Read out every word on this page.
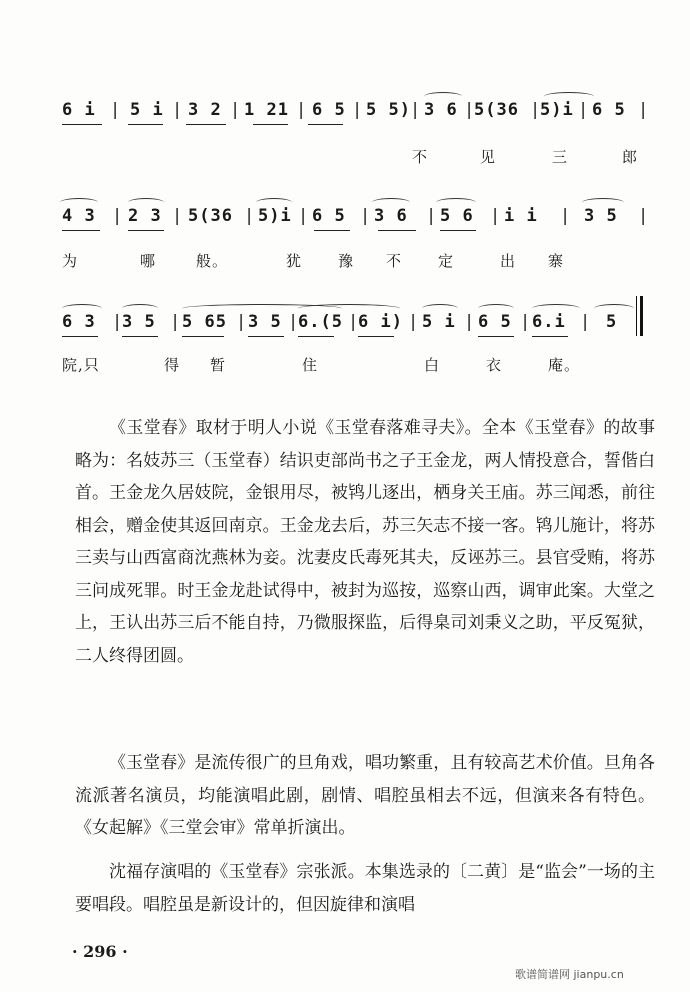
6 i | 5 i | 3 2 | 1 21 | 6 5 | 5 5) | 3 6 |
5(36 |
5)i | 6 5 |
不	见	三	郎
4 3 | 2 3 | 5(36 | 5)i | 6 5 | 3 6 | 5 6 | i i | 3 5 |
为	哪	般。	犹 豫 不 定	出 寨
6 3 |
3 5 | 5 65 | 3 5 |
6.(5 |
6 i) | 5 i | 6 5 | 6.i | 5
院,只	得 暂	住	白	衣	庵。

《玉堂春》取材于明人小说《玉堂春落难寻夫》。全本《玉堂春》的故事略为：名妓苏三（玉堂春）结识吏部尚书之子王金龙，两人情投意合，誓偕白首。王金龙久居妓院，金银用尽，被鸨儿逐出，栖身关王庙。苏三闻悉，前往相会，赠金使其返回南京。王金龙去后，苏三矢志不接一客。鸨儿施计，将苏三卖与山西富商沈燕林为妾。沈妻皮氏毒死其夫，反诬苏三。县官受贿，将苏三问成死罪。时王金龙赴试得中，被封为巡按，巡察山西，调审此案。大堂之上，王认出苏三后不能自持，乃微服探监，后得臬司刘秉义之助，平反冤狱，二人终得团圆。

《玉堂春》是流传很广的旦角戏，唱功繁重，且有较高艺术价值。旦角各流派著名演员，均能演唱此剧，剧情、唱腔虽相去不远，但演来各有特色。《女起解》《三堂会审》常单折演出。

沈福存演唱的《玉堂春》宗张派。本集选录的〔二黄〕是“监会”一场的主要唱段。唱腔虽是新设计的，但因旋律和演唱

· 296 ·
歌谱简谱网 jianpu.cn
